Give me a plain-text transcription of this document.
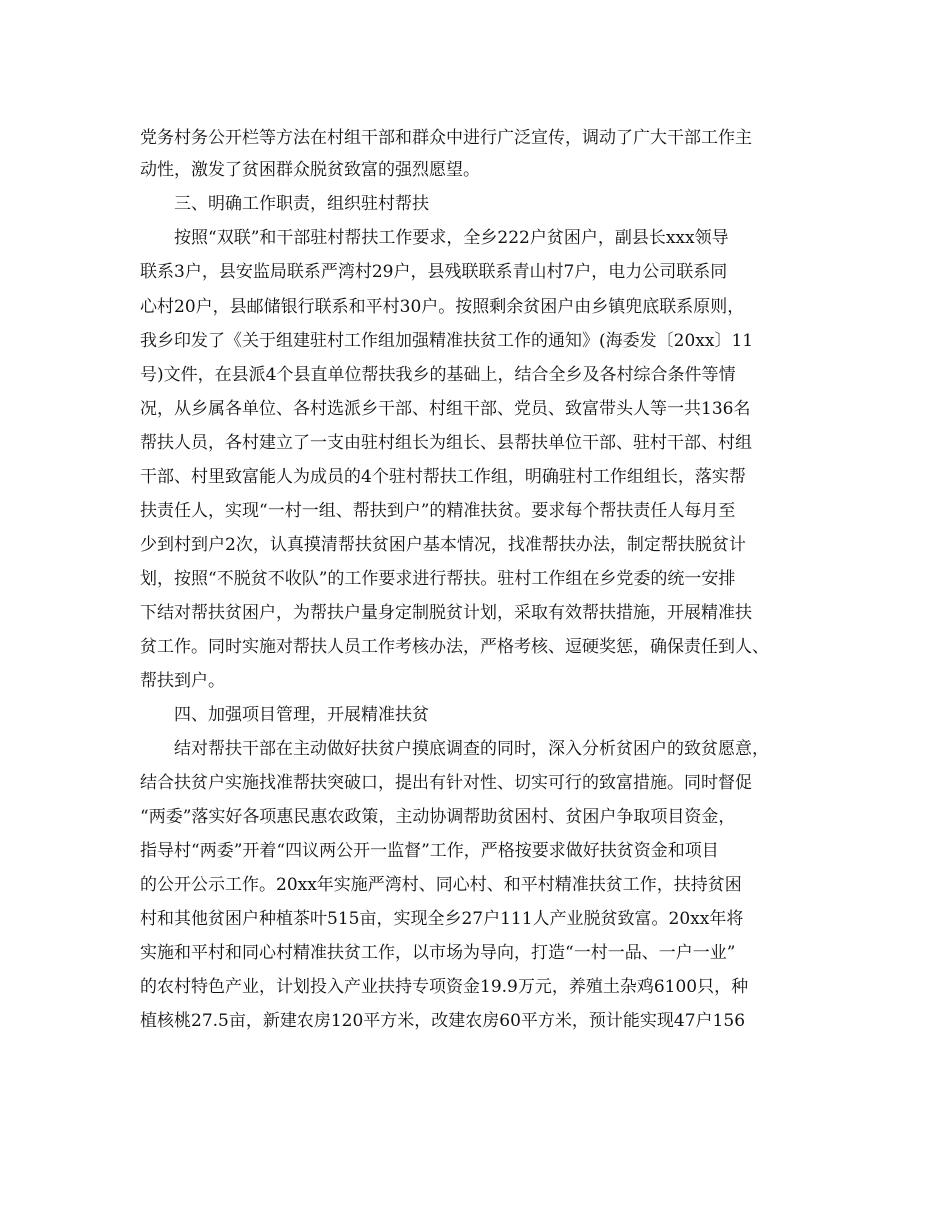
党务村务公开栏等方法在村组干部和群众中进行广泛宣传，调动了广大干部工作主
动性，激发了贫困群众脱贫致富的强烈愿望。
三、明确工作职责，组织驻村帮扶
按照“双联”和干部驻村帮扶工作要求，全乡222户贫困户，副县长xxx领导
联系3户，县安监局联系严湾村29户，县残联联系青山村7户，电力公司联系同
心村20户，县邮储银行联系和平村30户。按照剩余贫困户由乡镇兜底联系原则，
我乡印发了《关于组建驻村工作组加强精准扶贫工作的通知》(海委发〔20xx〕11
号)文件，在县派4个县直单位帮扶我乡的基础上，结合全乡及各村综合条件等情
况，从乡属各单位、各村选派乡干部、村组干部、党员、致富带头人等一共136名
帮扶人员，各村建立了一支由驻村组长为组长、县帮扶单位干部、驻村干部、村组
干部、村里致富能人为成员的4个驻村帮扶工作组，明确驻村工作组组长，落实帮
扶责任人，实现“一村一组、帮扶到户”的精准扶贫。要求每个帮扶责任人每月至
少到村到户2次，认真摸清帮扶贫困户基本情况，找准帮扶办法，制定帮扶脱贫计
划，按照“不脱贫不收队”的工作要求进行帮扶。驻村工作组在乡党委的统一安排
下结对帮扶贫困户，为帮扶户量身定制脱贫计划，采取有效帮扶措施，开展精准扶
贫工作。同时实施对帮扶人员工作考核办法，严格考核、逗硬奖惩，确保责任到人、
帮扶到户。
四、加强项目管理，开展精准扶贫
结对帮扶干部在主动做好扶贫户摸底调查的同时，深入分析贫困户的致贫愿意，
结合扶贫户实施找准帮扶突破口，提出有针对性、切实可行的致富措施。同时督促
“两委”落实好各项惠民惠农政策，主动协调帮助贫困村、贫困户争取项目资金，
指导村“两委”开着“四议两公开一监督”工作，严格按要求做好扶贫资金和项目
的公开公示工作。20xx年实施严湾村、同心村、和平村精准扶贫工作，扶持贫困
村和其他贫困户种植茶叶515亩，实现全乡27户111人产业脱贫致富。20xx年将
实施和平村和同心村精准扶贫工作，以市场为导向，打造“一村一品、一户一业”
的农村特色产业，计划投入产业扶持专项资金19.9万元，养殖土杂鸡6100只，种
植核桃27.5亩，新建农房120平方米，改建农房60平方米，预计能实现47户156
